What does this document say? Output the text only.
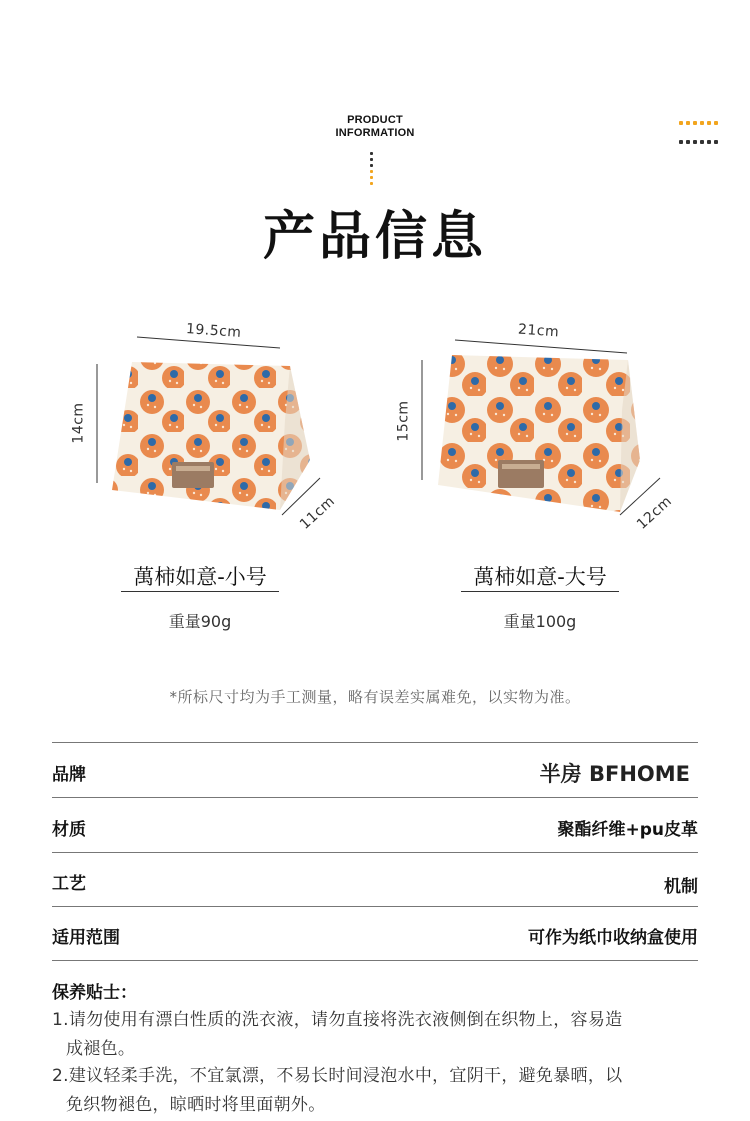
PRODUCT
INFORMATION

产品信息
19.5cm
14cm
11cm
21cm
15cm
12cm
萬柿如意-小号
重量90g
萬柿如意-大号
重量100g
*所标尺寸均为手工测量，略有误差实属难免，以实物为准。
品牌	半房 BFHOME
材质	聚酯纤维+pu皮革
工艺	机制
适用范围	可作为纸巾收纳盒使用
保养贴士：
1.请勿使用有漂白性质的洗衣液，请勿直接将洗衣液侧倒在织物上，容易造
成褪色。
2.建议轻柔手洗，不宜氯漂，不易长时间浸泡水中，宜阴干，避免暴晒，以
免织物褪色，晾晒时将里面朝外。
